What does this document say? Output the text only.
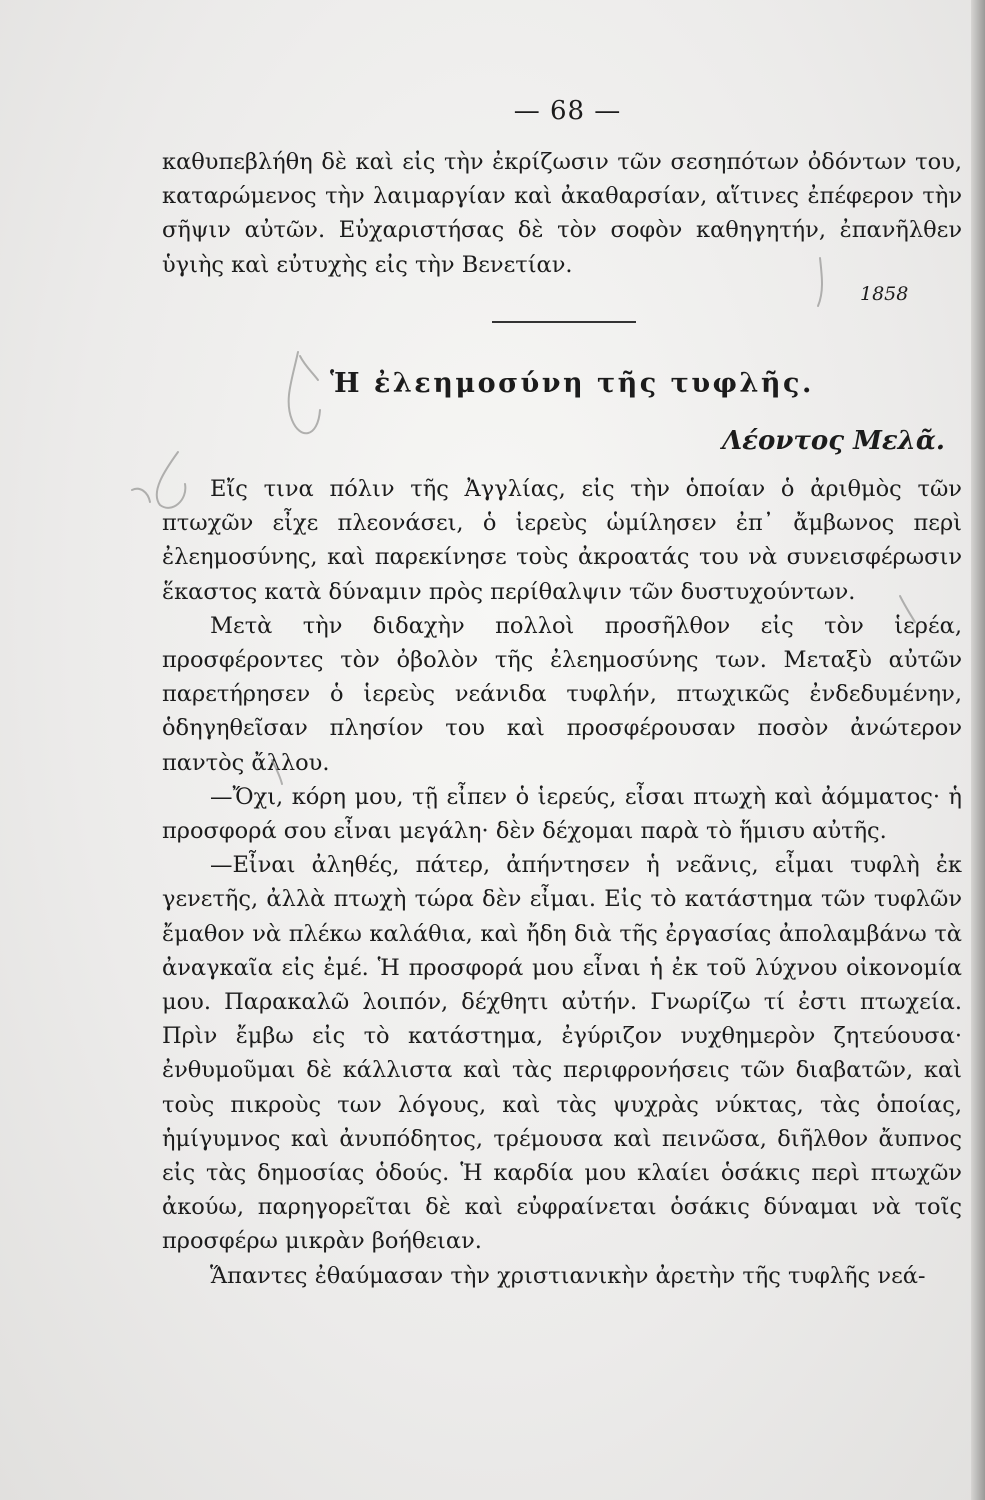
— 68 —

καθυπεβλήθη δὲ καὶ εἰς τὴν ἐκρίζωσιν τῶν σεσηπότων ὀδόντων του, καταρώμενος τὴν λαιμαργίαν καὶ ἀκαθαρσίαν, αἵτινες ἐπέφερον τὴν σῆψιν αὐτῶν. Εὐχαριστήσας δὲ τὸν σοφὸν καθηγητήν, ἐπανῆλθεν ὑγιὴς καὶ εὐτυχὴς εἰς τὴν Βενετίαν.

1858
Ἡ ἐλεημοσύνη τῆς τυφλῆς.
Λέοντος Μελᾶ.

Εἴς τινα πόλιν τῆς Ἀγγλίας, εἰς τὴν ὁποίαν ὁ ἀριθμὸς τῶν πτωχῶν εἶχε πλεονάσει, ὁ ἱερεὺς ὡμίλησεν ἐπ᾽ ἄμβωνος περὶ ἐλεημοσύνης, καὶ παρεκίνησε τοὺς ἀκροατάς του νὰ συνεισφέρωσιν ἕκαστος κατὰ δύναμιν πρὸς περίθαλψιν τῶν δυστυχούντων.

Μετὰ τὴν διδαχὴν πολλοὶ προσῆλθον εἰς τὸν ἱερέα, προσφέροντες τὸν ὀβολὸν τῆς ἐλεημοσύνης των. Μεταξὺ αὐτῶν παρετήρησεν ὁ ἱερεὺς νεάνιδα τυφλήν, πτωχικῶς ἐνδεδυμένην, ὁδηγηθεῖσαν πλησίον του καὶ προσφέρουσαν ποσὸν ἀνώτερον παντὸς ἄλλου.

—Ὄχι, κόρη μου, τῇ εἶπεν ὁ ἱερεύς, εἶσαι πτωχὴ καὶ ἀόμματος· ἡ προσφορά σου εἶναι μεγάλη· δὲν δέχομαι παρὰ τὸ ἥμισυ αὐτῆς.

—Εἶναι ἀληθές, πάτερ, ἀπήντησεν ἡ νεᾶνις, εἶμαι τυφλὴ ἐκ γενετῆς, ἀλλὰ πτωχὴ τώρα δὲν εἶμαι. Εἰς τὸ κατάστημα τῶν τυφλῶν ἔμαθον νὰ πλέκω καλάθια, καὶ ἤδη διὰ τῆς ἐργασίας ἀπολαμβάνω τὰ ἀναγκαῖα εἰς ἐμέ. Ἡ προσφορά μου εἶναι ἡ ἐκ τοῦ λύχνου οἰκονομία μου. Παρακαλῶ λοιπόν, δέχθητι αὐτήν. Γνωρίζω τί ἐστι πτωχεία. Πρὶν ἔμβω εἰς τὸ κατάστημα, ἐγύριζον νυχθημερὸν ζητεύουσα· ἐνθυμοῦμαι δὲ κάλλιστα καὶ τὰς περιφρονήσεις τῶν διαβατῶν, καὶ τοὺς πικροὺς των λόγους, καὶ τὰς ψυχρὰς νύκτας, τὰς ὁποίας, ἡμίγυμνος καὶ ἀνυπόδητος, τρέμουσα καὶ πεινῶσα, διῆλθον ἄυπνος εἰς τὰς δημοσίας ὁδούς. Ἡ καρδία μου κλαίει ὁσάκις περὶ πτωχῶν ἀκούω, παρηγορεῖται δὲ καὶ εὐφραίνεται ὁσάκις δύναμαι νὰ τοῖς προσφέρω μικρὰν βοήθειαν.

Ἅπαντες ἐθαύμασαν τὴν χριστιανικὴν ἀρετὴν τῆς τυφλῆς νεά-
